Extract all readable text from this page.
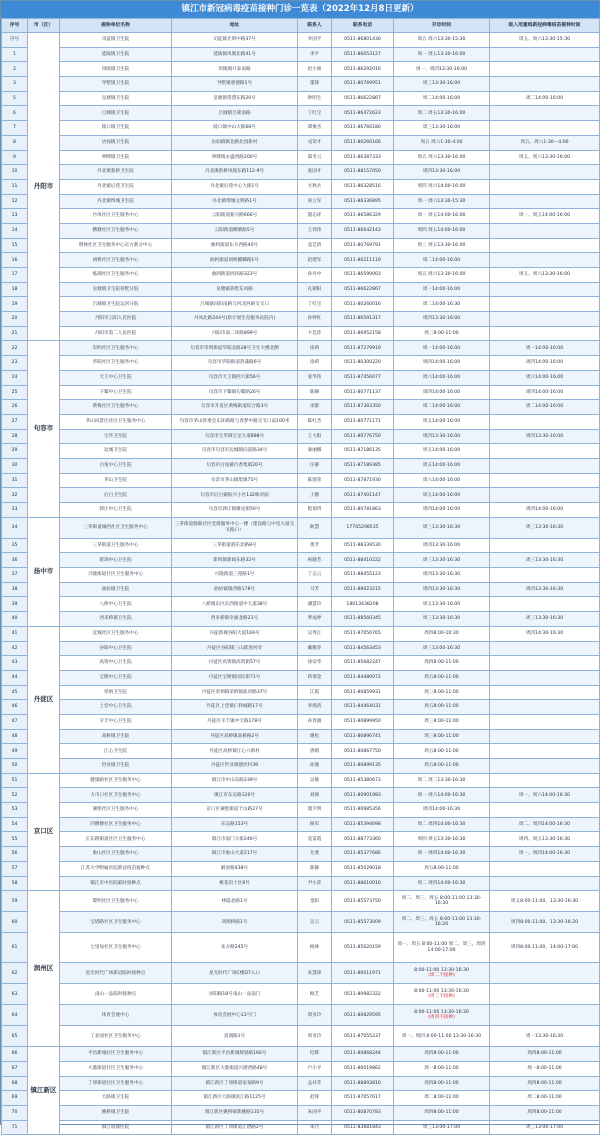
镇江市新冠病毒疫苗接种门诊一览表（2022年12月8日更新）
序号	市（区）	接种单位名称	地址	联系人	联系电话	开诊时间	吸入用重组新冠病毒疫苗接种时间
序号	丹阳市	司徒镇卫生院	司徒镇光明中路37号	李国平	0511-86801430	周五 周六13:30-15:30	周五、周六13:30-15:30
1		延陵镇卫生院	延陵镇凤凰北路41号	李平	0511-86053127	周一 周五13:30-16:00	
2		珥陵镇卫生院	珥陵镇开泰南路	赵小俊	0511-86292016	周一、周四13:30-16:00	
3		导墅镇卫生院	导墅镇惠德路1号	董锋	0511-80769951	周三13:30-16:00	
5		皇塘镇卫生院	皇塘镇常澧东路20号	钟明生	0511-86622867	周二14:00-16:00	周二14:00-16:00
6		吕城镇卫生院	吕城镇吕蒙南路	丁红宝	0511-86472623	周二 周五13:30-16:00	
7		陵口镇卫生院	陵口镇中山大街68号	谭俊杰	0511-86766180	周三13:30-16:00	
8		访仙镇卫生院	访仙镇镇北路北园新村	戎荣才	0511-80266166	周五 周六1:30-4:00	周五、周六1:30—4:00
9		界牌镇卫生院	界牌镇永盛西路200号	邵冬云	0511-86387333	周五 周六13:30-16:00	周五、周六13:30-16:00
10		丹北镇新桥卫生院	丹北镇新桥凤凰东路112-9号	张国才	0511-88157050	周四13:30-16:00	
11		丹北镇后巷卫生院	丹北镇后巷中心大街1号	方秋兵	0511-86328516	周四 周六14:00-16:00	
12		丹北镇埤城卫生院	丹北镇埤城文明路1号	束立军	0511-86336895	周一 周六13:30-15:30	
13		丹凤社区卫生服务中心	云阳街道振兴路666号	殷志祥	0511-86586329	周一 周五14:00-16:00	周一、周五14:00-16:00
14		横塘社区卫生服务中心	云阳街道横塘路5号	王伟伟	0511-86642143	周四 周五14:00-16:00	
15		荆林社区卫生服务中心东方新分中心	曲阿街道东方西路40号	袁艺清	0511-80769791	周三 周五13:30-16:00	
16		胡桥社区卫生服务中心	曲阿街道胡桥麒麟路1号	赵建军	0511-86211119	周二14:00-16:00	
17		练湖社区卫生服务中心	曲阿街道西环路323号	孙丹中	0511-86599003	周五 周六13:30-16:00	周五、周六13:30-16:00
18		皇塘镇卫生院蒋墅分院	皇塘镇蒋墅东风路	孔朝阳	0511-86622867	周一14:00-16:00	
19		吕城镇卫生院运河分院	吕城镇向阳南路与河北西路交叉口	丁红宝	0511-80260016	周二14:00-16:30	
20		丹阳市云阳人民医院	丹凤北路244号(原计划生育服务站院内)	孙婷红	0511-86591317	周四13:30-16:00	
21		丹阳市第二人民医院	丹阳市南二环路899号	卞佳萍	0511-86952158	周三8:00-11:00	
22	句容市	崇明社区卫生服务中心	句容市崇明街道华阳北路28号卫生大楼北侧	徐莉	0511-87279919	周一14:00-16:00	周一14:00-16:00
23		华阳社区卫生服务中心	句容市华阳街道菖蒲路6号	徐莉	0511-80300220	周四14:00-16:00	周四14:00-16:00
24		天王中心卫生院	句容市天王镇西大街56号	张华伟	0511-87456077	周六14:00-16:00	周六14:00-16:00
25		下蜀中心卫生院	句容市下蜀镇句蜀路26号	陈娴	0511-80771137	周四14:00-16:00	周四14:00-16:00
26		黄梅社区卫生服务中心	句容市开发区黄梅街道综合路3号	巫群	0511-87383350	周二14:00-16:00	周二14:00-16:00
27		茅山风景区社区卫生服务中心	句容市茅山管委会东环路路与春梦中路交叉口南100米	陈红杰	0511-80771171	周五14:00-16:00	
28		宝华卫生院	句容市宝华镇宝龙大道888号	王大阳	0511-80776750	周四13:30-16:00	周四13:30-16:00
29		边城卫生院	句容市句容市边城镇向富路34号	秦丽娜	0511-87186135	周五14:00-16:00	
30		白兔中心卫生院	句容市白兔镇行香集镇20号	汪静	0511-87189385	周五14:00-16:00	
31		茅山卫生院	句容市茅山镇集镇75号	陈建荣	0511-87871930	周六14:00-16:00	
32		后白卫生院	句容市后白镇振兴小区132栋对面	王静	0511-87401147	周五14:00-16:00	
33		郭庄中心卫生院	句容市郭庄镇聚星街50号	程韧玥	0511-80781863	周四14:00-16:00	周四14:00-16:00
34	扬中市	三茅街道城西社区卫生服务中心	三茅街道群联社区党群服务中心一楼（建设路与中电大道交叉路口）	耿慧	17705298535	周三13:30-16:30	周三13:30-16:30
35		三茅街道卫生服务中心	三茅街道港东北路8号	黄芳	0511-88339530	周四13:30-16:00	
36		新坝中心卫生院	新坝镇新政东路32号	祝晓芳	0511-88410222	周三13:30-16:30	周三13:30-16:30
37		兴隆街道社区卫生服务中心	兴隆街道三苑路1号	丁志云	0511-88455123	周四13:30-16:30	
38		油坊镇卫生院	油坊镇镇西路178号	马芳	0511-88023215	周四13:30-16:30	周四13:30-16:30
39		八桥中心卫生院	八桥镇东区东西街道中大道38号	潘慧玲	18013438208	周五13:30-16:00	
40		西来桥镇卫生院	西来桥镇幸福北路21号	季成婷	0511-88560345	周三13:30-16:30	周三13:30-16:30
41	丹徒区	宜城社区卫生服务中心	丹徒新城谷阳大道169号	吴秀江	0511-87050765	周四8:00-10:30	周四14:30-16:30
42		谷阳中心卫生院	丹徒区谷阳镇三山跃进河旁	戴雅萍	0511-84563453	周三13:00-16:30	
43		高资中心卫生院	丹徒区高资镇高资街57号	徐安华	0511-85682247	周四8:00-11:00	
44		宝堰中心卫生院	丹徒区宝堰镇国民街71号	蒋瑞金	0511-84480072	周五8:00-11:00	
45		荣炳卫生院	丹徒区荣炳镇荣炳镇盐府路37号	江霞	0511-80859931	周三8:00-11:00	
46		上党中心卫生院	丹徒区上党镇仁和城路17号	李海清	0511-84464031	周五8:00-11:00	
47		辛丰中心卫生院	丹徒区辛丰镇中天路178号	孙春涵	0511-80899950	周三8:00-11:00	
48		高桥镇卫生院	丹徒区高桥镇高桥路2号	谢松	0511-80896741	周三8:00-11:00	
49		江心卫生院	丹徒区高桥镇江心六新村	唐晴	0511-80867750	周五8:00-11:00	
50		世业镇卫生院	丹徒区世业镇德淡村39	孙逸	0511-80899135	周五8:00-11:00	
51	京口区	健康路社区卫生服务中心	镇江市中山东路239号	吴敏	0511-85380673	周二 周三13:30-16:30	
52		大市口社区卫生服务中心	镇江市东吴路120号	刘锦	0511-80901983	周一 周六14:00-16:30	周一、周六14:00-16:30
53		谏壁社区卫生服务中心	京口区谏壁街道于山路27号	裘夕明	0511-80985356	周四14:00-16:30	
54		四牌楼社区卫生服务中心	东吴路153号	杨军	0511-85394698	周二 周四14:00-16:30	周二、周四14:00-16:30
55		正东路街道社区卫生服务中心	镇江市南门大街246号	袁雷霞	0511-88773360	周四 周五13:30-16:30	周四、周五13:30-16:30
56		象山社区卫生服务中心	镇江市象山大道217号	尤燕	0511-85377686	周一 周四14:00-16:30	周一、周四14:00-16:30
57		江苏大学附属医院新冠疫苗接种点	解放路438号	陈静	0511-85029018	周五8:00-11:00	
58		镇江市中医院临时接种点	桃花坞十区8号	尹小萍	0511-88610010	周二 周四14:00-16:30	
59	润州区	黎明社区卫生服务中心	林隐北路1号	金阳	0511-85573750	周二、周三、周五 8:00-11:00 13:30-16:30	周五8:00-11:00、13:30-16:30
60		宝塔路社区卫生服务中心	鸿鹄桥路1号	吴云	0511-85573009	周二、周三、周五 8:00-11:00 13:30-16:20	周四8:00-11:00、13:30-16:20
61		七里甸社区卫生服务中心	朱方路245号	杨林	0511-85620159	周一、周五 8:00-11:00 周二、周三、周四 14:00-17:00	周四8:00-11:00、14:00-17:00
62		星光时代广场新冠临时接种点	星光时代广场C楼D7入口	朱慧锋	0511-86011971	8:00-11:00 13:30-16:30
(周二不接种)	
63		南山一品临时接种点	谷阳路18号南山一品南门	顾艺	0511-80982322	8:00-11:00 13:30-16:30
(周三不接种)	
64		体育会展中心	体育会展中心11号门	周亚玲	0511-80829595	8:00-11:00 13:30-16:30
(周四不接种)	
65		工业园社区卫生服务中心	富润路1号	周亚玲	0511-87055237	周一、周四 8:00-11:00 13:30-16:30	周一13:30-16:30
66	镇江新区	平昌新城社区卫生服务中心	镇江新区平昌新城规划路166号	纪辉	0511-80868244	周四8:00-11:00	周四8:00-11:00
67		大港街道社区卫生服务中心	镇江新区大港街道兴港西路48号	卢小平	0511-86019862	周一8:00-11:00	周一8:00-11:00
68		丁卯街道社区卫生服务中心	镇江新区丁卯街道家泰路9号	孟祥苹	0511-88893810	周四8:00-11:00	周四8:00-11:00
69		大路镇卫生院	镇江新区大路镇滨江路1125号	赵锋	0511-87057617	周二8:00-11:00	周二8:00-11:00
70		姚桥镇卫生院	镇江新区姚桥镇新姚路135号	朱国平	0511-80870783	周四8:00-11:00	周四8:00-11:00
71		镇江瑞康医院	镇江新区丁卯街道汇德路2号	朱丹	0511-83681843	周三13:00-17:00	周三13:00-17:00
